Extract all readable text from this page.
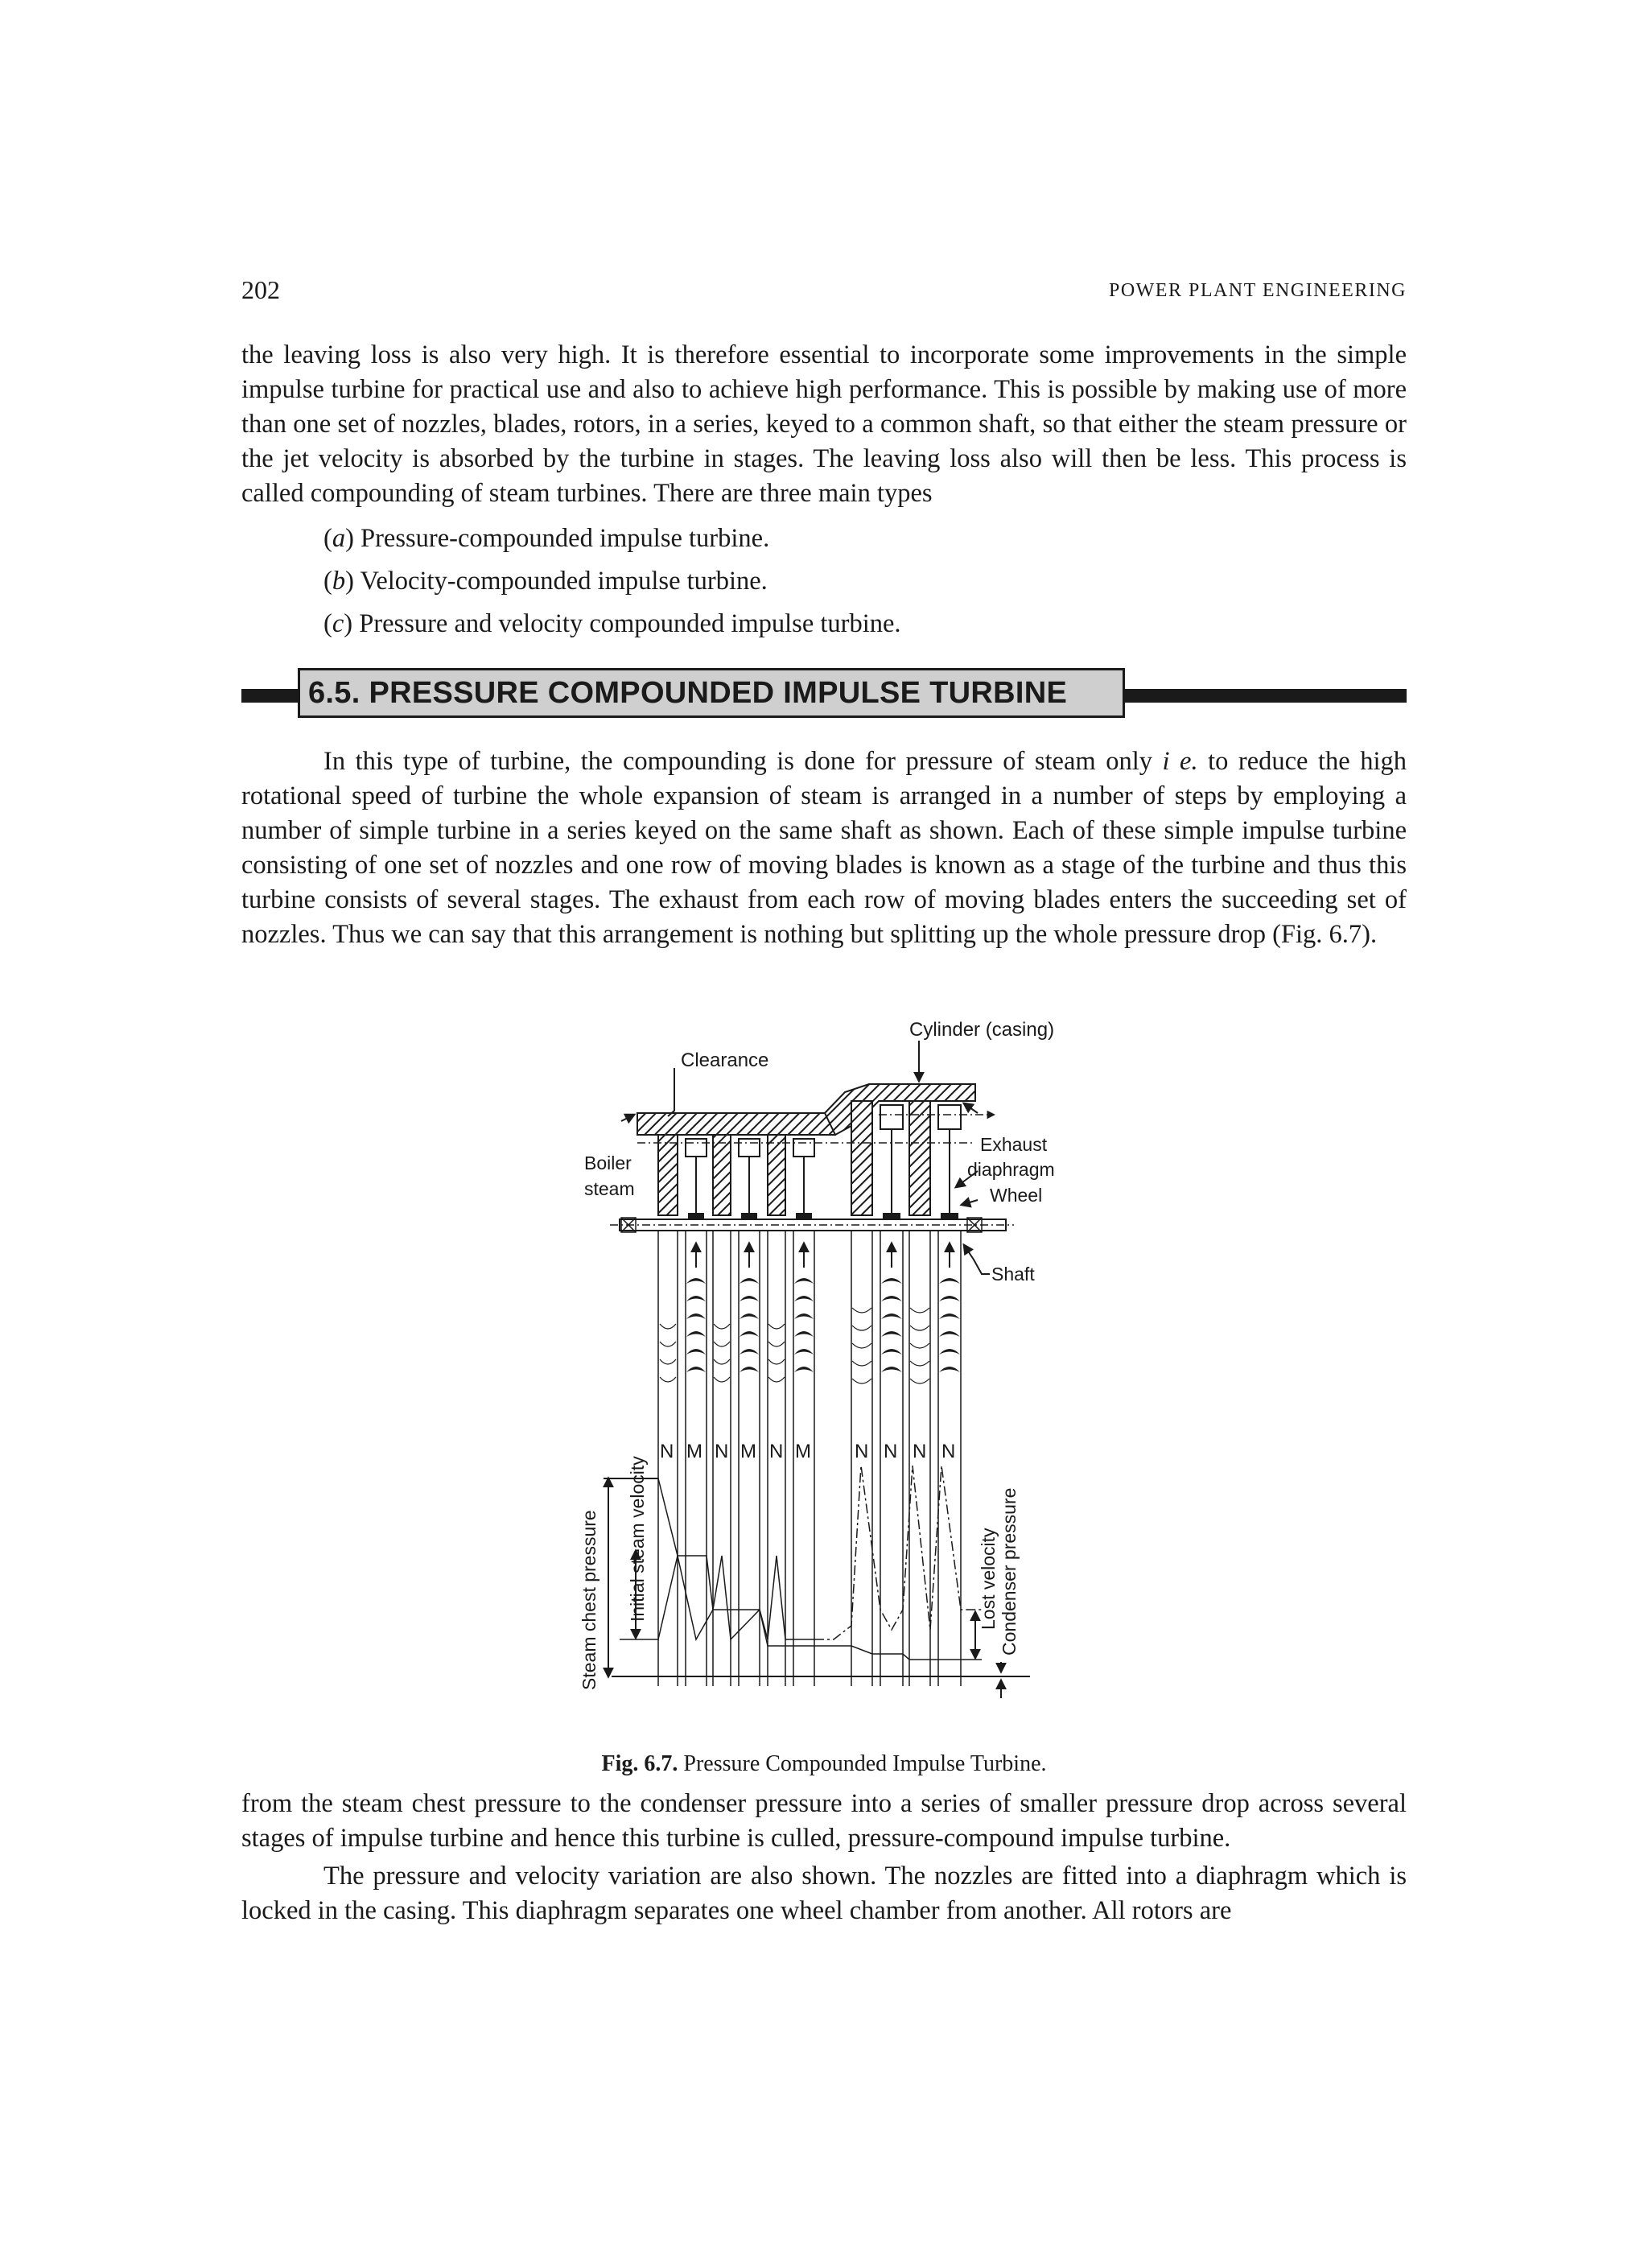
202	POWER PLANT ENGINEERING

the leaving loss is also very high. It is therefore essential to incorporate some improvements in the simple impulse turbine for practical use and also to achieve high performance. This is possible by making use of more than one set of nozzles, blades, rotors, in a series, keyed to a common shaft, so that either the steam pressure or the jet velocity is absorbed by the turbine in stages. The leaving loss also will then be less. This process is called compounding of steam turbines. There are three main types

(a) Pressure-compounded impulse turbine.
(b) Velocity-compounded impulse turbine.
(c) Pressure and velocity compounded impulse turbine.
6.5. PRESSURE COMPOUNDED IMPULSE TURBINE

In this type of turbine, the compounding is done for pressure of steam only i e. to reduce the high rotational speed of turbine the whole expansion of steam is arranged in a number of steps by employing a number of simple turbine in a series keyed on the same shaft as shown. Each of these simple impulse turbine consisting of one set of nozzles and one row of moving blades is known as a stage of the turbine and thus this turbine consists of several stages. The exhaust from each row of moving blades enters the succeeding set of nozzles. Thus we can say that this arrangement is nothing but splitting up the whole pressure drop (Fig. 6.7).

N M N M N M N N N N
Cylinder (casing)
Clearance
Boiler
steam
Exhaust
diaphragm
Wheel
Shaft
Steam chest pressure Initial steam velocity	Lost velocity Condenser pressure
Fig. 6.7. Pressure Compounded Impulse Turbine.

from the steam chest pressure to the condenser pressure into a series of smaller pressure drop across several stages of impulse turbine and hence this turbine is culled, pressure-compound impulse turbine.

The pressure and velocity variation are also shown. The nozzles are fitted into a diaphragm which is locked in the casing. This diaphragm separates one wheel chamber from another. All rotors are
